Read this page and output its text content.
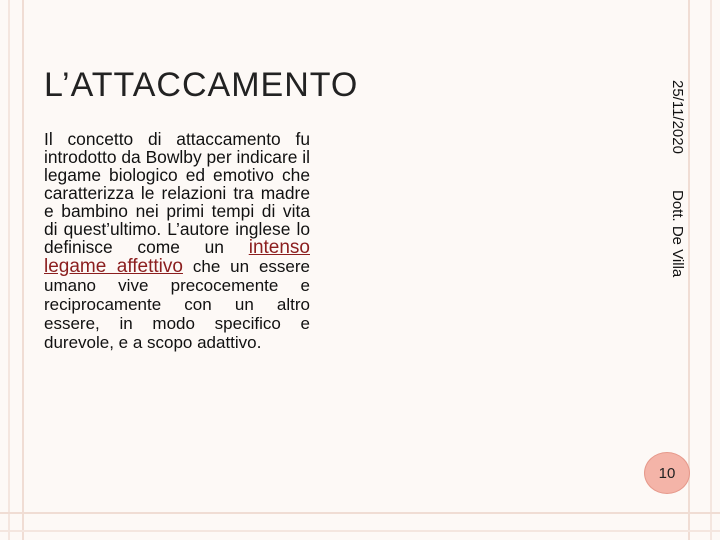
L’ATTACCAMENTO
Il concetto di attaccamento fu introdotto da Bowlby per indicare il legame biologico ed emotivo che caratterizza le relazioni tra madre e bambino nei primi tempi di vita di quest’ultimo. L’autore inglese lo definisce come un intenso legame affettivo che un essere umano vive precocemente e reciprocamente con un altro essere, in modo specifico e durevole, e a scopo adattivo.
25/11/2020
Dott. De Villa
10
